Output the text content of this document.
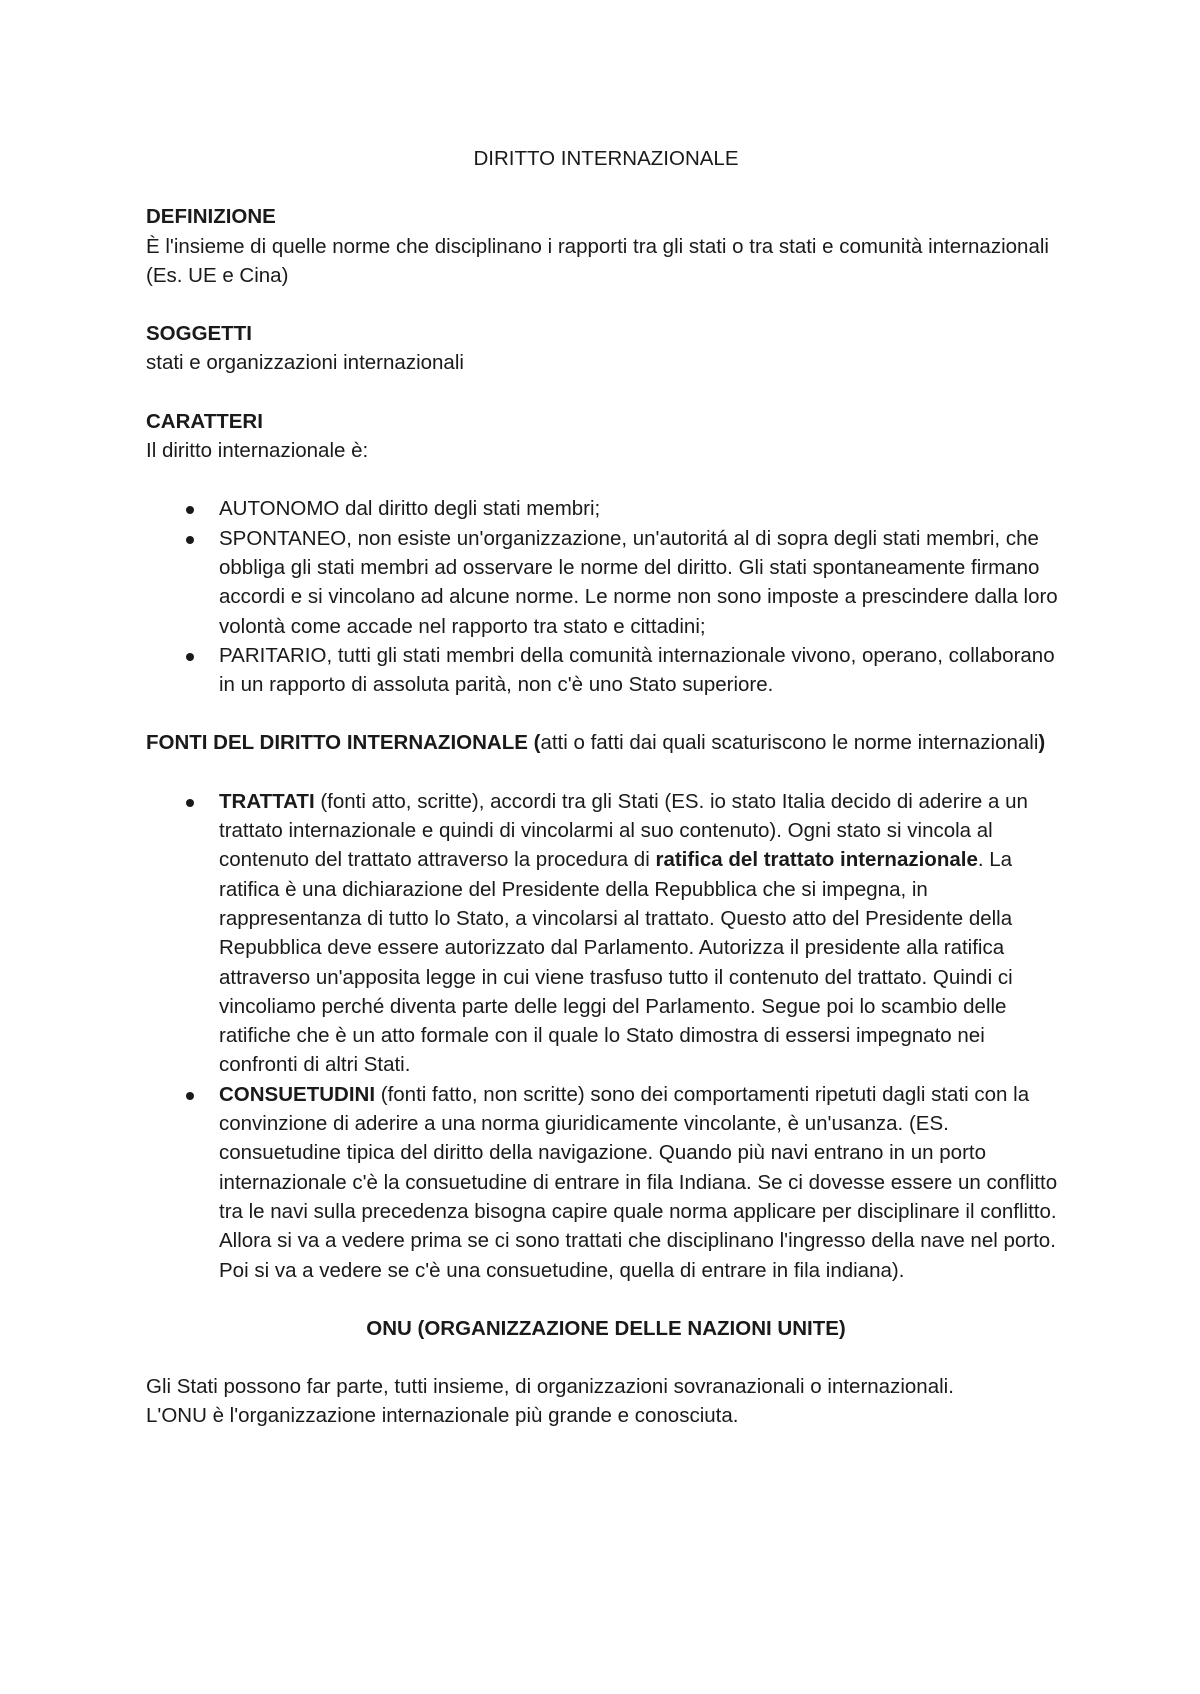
DIRITTO INTERNAZIONALE

DEFINIZIONE

È l'insieme di quelle norme che disciplinano i rapporti tra gli stati o tra stati e comunità internazionali (Es. UE e Cina)

SOGGETTI

stati e organizzazioni internazionali

CARATTERI

Il diritto internazionale è:

AUTONOMO dal diritto degli stati membri;
SPONTANEO, non esiste un'organizzazione, un'autoritá al di sopra degli stati membri, che obbliga gli stati membri ad osservare le norme del diritto. Gli stati spontaneamente firmano accordi e si vincolano ad alcune norme. Le norme non sono imposte a prescindere dalla loro volontà come accade nel rapporto tra stato e cittadini;
PARITARIO, tutti gli stati membri della comunità internazionale vivono, operano, collaborano in un rapporto di assoluta parità, non c'è uno Stato superiore.

FONTI DEL DIRITTO INTERNAZIONALE (atti o fatti dai quali scaturiscono le norme internazionali)

TRATTATI (fonti atto, scritte), accordi tra gli Stati (ES. io stato Italia decido di aderire a un trattato internazionale e quindi di vincolarmi al suo contenuto). Ogni stato si vincola al contenuto del trattato attraverso la procedura di ratifica del trattato internazionale. La ratifica è una dichiarazione del Presidente della Repubblica che si impegna, in rappresentanza di tutto lo Stato, a vincolarsi al trattato. Questo atto del Presidente della Repubblica deve essere autorizzato dal Parlamento. Autorizza il presidente alla ratifica attraverso un'apposita legge in cui viene trasfuso tutto il contenuto del trattato. Quindi ci vincoliamo perché diventa parte delle leggi del Parlamento. Segue poi lo scambio delle ratifiche che è un atto formale con il quale lo Stato dimostra di essersi impegnato nei confronti di altri Stati.
CONSUETUDINI (fonti fatto, non scritte) sono dei comportamenti ripetuti dagli stati con la convinzione di aderire a una norma giuridicamente vincolante, è un'usanza. (ES. consuetudine tipica del diritto della navigazione. Quando più navi entrano in un porto internazionale c'è la consuetudine di entrare in fila Indiana. Se ci dovesse essere un conflitto tra le navi sulla precedenza bisogna capire quale norma applicare per disciplinare il conflitto. Allora si va a vedere prima se ci sono trattati che disciplinano l'ingresso della nave nel porto. Poi si va a vedere se c'è una consuetudine, quella di entrare in fila indiana).

ONU (ORGANIZZAZIONE DELLE NAZIONI UNITE)

Gli Stati possono far parte, tutti insieme, di organizzazioni sovranazionali o internazionali.

L'ONU è l'organizzazione internazionale più grande e conosciuta.
